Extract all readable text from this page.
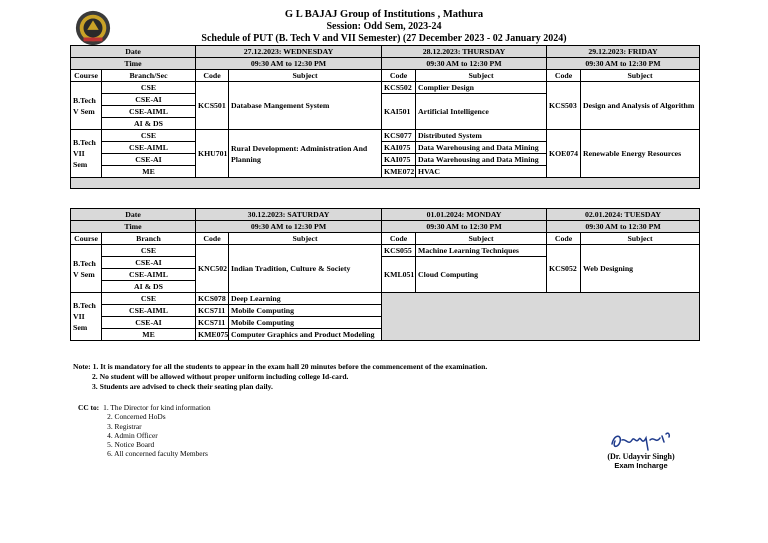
G L BAJAJ Group of Institutions , Mathura
Session: Odd Sem, 2023-24
Schedule of PUT (B. Tech V and VII Semester) (27 December 2023 - 02 January 2024)
Date		27.12.2023: WEDNESDAY		28.12.2023: THURSDAY		29.12.2023: FRIDAY	
Time		09:30 AM to 12:30 PM		09:30 AM to 12:30 PM		09:30 AM to 12:30 PM	
Course	Branch/Sec	Code	Subject	Code	Subject	Code	Subject
B.Tech V Sem	CSE	KCS501	Database Mangement System	KCS502	Complier Design	KCS503	Design and Analysis of Algorithm
	CSE-AI			KAI501	Artificial Intelligence		
	CSE-AIML						
	AI & DS						
B.Tech VII Sem	CSE	KHU701	Rural Development: Administration And Planning	KCS077	Distributed System	KOE074	Renewable Energy Resources
	CSE-AIML			KAI075	Data Warehousing and Data Mining		
	CSE-AI			KAI075	Data Warehousing and Data Mining		
	ME			KME072	HVAC		

Date		30.12.2023: SATURDAY		01.01.2024: MONDAY		02.01.2024: TUESDAY	
Time		09:30 AM to 12:30 PM		09:30 AM to 12:30 PM		09:30 AM to 12:30 PM	
Course	Branch	Code	Subject	Code	Subject	Code	Subject
B.Tech V Sem	CSE	KNC502	Indian Tradition, Culture & Society	KCS055	Machine Learning Techniques	KCS052	Web Designing
	CSE-AI			KML051	Cloud Computing		
	CSE-AIML						
	AI & DS						
B.Tech VII Sem	CSE	KCS078	Deep Learning				
	CSE-AIML	KCS711	Mobile Computing				
	CSE-AI	KCS711	Mobile Computing				
	ME	KME075	Computer Graphics and Product Modeling				
Note: 1. It is mandatory for all the students to appear in the exam hall 20 minutes before the commencement of the examination.
2. No student will be allowed without proper uniform including college Id-card.
3. Students are advised to check their seating plan daily.
CC to: 1. The Director for kind information
2. Concerned HoDs
3. Registrar
4. Admin Officer
5. Notice Board
6. All concerned faculty Members	(Dr. Udayvir Singh)
Exam Incharge
